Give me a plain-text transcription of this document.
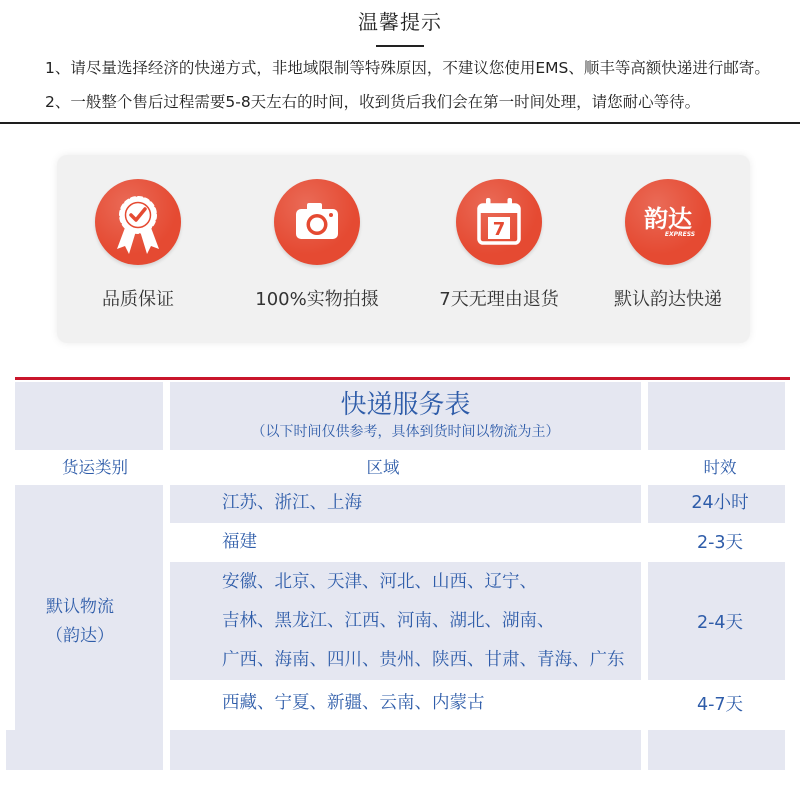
温馨提示
1、请尽量选择经济的快递方式，非地域限制等特殊原因，不建议您使用EMS、顺丰等高额快递进行邮寄。
2、一般整个售后过程需要5-8天左右的时间，收到货后我们会在第一时间处理，请您耐心等待。
品质保证	100%实物拍摄
7
7天无理由退货
韵达
EXPRESS
默认韵达快递
快递服务表
（以下时间仅供参考，具体到货时间以物流为主）
货运类别	区域	时效
默认物流
（韵达）
江苏、浙江、上海	24小时
福建	2-3天
安徽、北京、天津、河北、山西、辽宁、
吉林、黑龙江、江西、河南、湖北、湖南、
广西、海南、四川、贵州、陕西、甘肃、青海、广东
2-4天
西藏、宁夏、新疆、云南、内蒙古	4-7天
